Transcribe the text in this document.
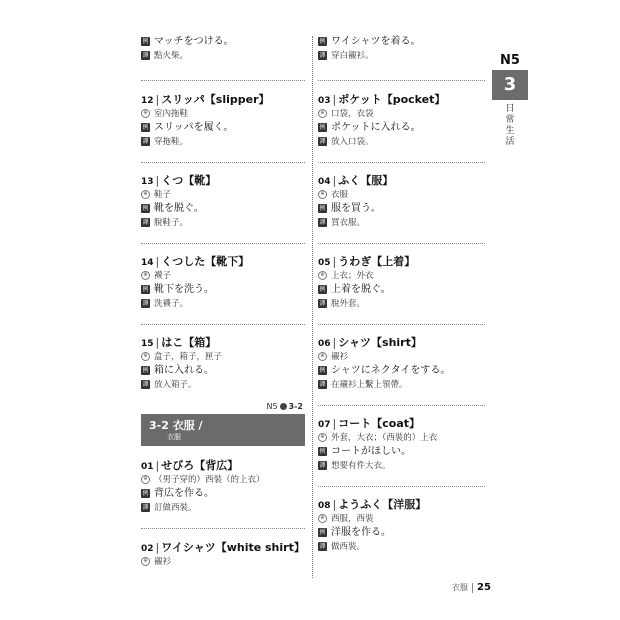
例 マッチをつける。
譯 點火柴。
12 | スリッパ【slipper】
※ 室內拖鞋
例 スリッパを履く。
譯 穿拖鞋。
13 | くつ【靴】
※ 鞋子
例 靴を脱ぐ。
譯 脫鞋子。
14 | くつした【靴下】
※ 襪子
例 靴下を洗う。
譯 洗襪子。
15 | はこ【箱】
※ 盒子，箱子，匣子
例 箱に入れる。
譯 放入箱子。
N5 3-2
3-2 衣服 /
衣服
01 | せびろ【背広】
※ （男子穿的）西裝（的上衣）
例 背広を作る。
譯 訂做西裝。
02 | ワイシャツ【white shirt】
※ 襯衫
例 ワイシャツを着る。
譯 穿白襯衫。
03 | ポケット【pocket】
※ 口袋，衣袋
例 ポケットに入れる。
譯 放入口袋。
04 | ふく【服】
※ 衣服
例 服を買う。
譯 買衣服。
05 | うわぎ【上着】
※ 上衣；外衣
例 上着を脱ぐ。
譯 脫外套。
06 | シャツ【shirt】
※ 襯衫
例 シャツにネクタイをする。
譯 在襯衫上繫上領帶。
07 | コート【coat】
※ 外套，大衣；（西裝的）上衣
例 コートがほしい。
譯 想要有件大衣。
08 | ようふく【洋服】
※ 西服，西裝
例 洋服を作る。
譯 做西裝。
N5
3
日常生活
衣服 25
